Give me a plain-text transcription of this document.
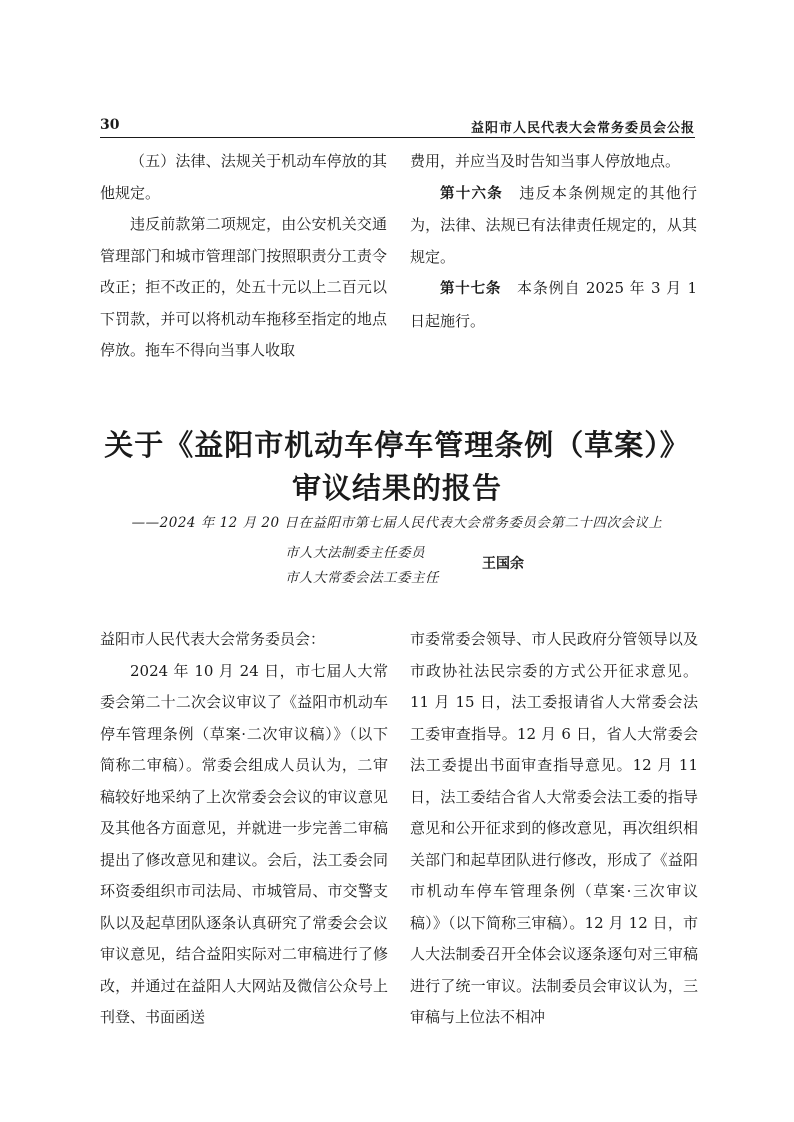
30	益阳市人民代表大会常务委员会公报

（五）法律、法规关于机动车停放的其他规定。

违反前款第二项规定，由公安机关交通管理部门和城市管理部门按照职责分工责令改正；拒不改正的，处五十元以上二百元以下罚款，并可以将机动车拖移至指定的地点停放。拖车不得向当事人收取

费用，并应当及时告知当事人停放地点。

第十六条　 违反本条例规定的其他行为，法律、法规已有法律责任规定的，从其规定。

第十七条　 本条例自 2025 年 3 月 1 日起施行。

关于《益阳市机动车停车管理条例（草案）》
审议结果的报告
——2024 年 12 月 20 日在益阳市第七届人民代表大会常务委员会第二十四次会议上
市人大法制委主任委员
市人大常委会法工委主任
王国余

益阳市人民代表大会常务委员会：

2024 年 10 月 24 日，市七届人大常委会第二十二次会议审议了《益阳市机动车停车管理条例（草案·二次审议稿）》（以下简称二审稿）。常委会组成人员认为，二审稿较好地采纳了上次常委会会议的审议意见及其他各方面意见，并就进一步完善二审稿提出了修改意见和建议。会后，法工委会同环资委组织市司法局、市城管局、市交警支队以及起草团队逐条认真研究了常委会会议审议意见，结合益阳实际对二审稿进行了修改，并通过在益阳人大网站及微信公众号上刊登、书面函送

市委常委会领导、市人民政府分管领导以及市政协社法民宗委的方式公开征求意见。11 月 15 日，法工委报请省人大常委会法工委审查指导。12 月 6 日，省人大常委会法工委提出书面审查指导意见。12 月 11 日，法工委结合省人大常委会法工委的指导意见和公开征求到的修改意见，再次组织相关部门和起草团队进行修改，形成了《益阳市机动车停车管理条例（草案·三次审议稿）》（以下简称三审稿）。12 月 12 日，市人大法制委召开全体会议逐条逐句对三审稿进行了统一审议。法制委员会审议认为，三审稿与上位法不相冲
